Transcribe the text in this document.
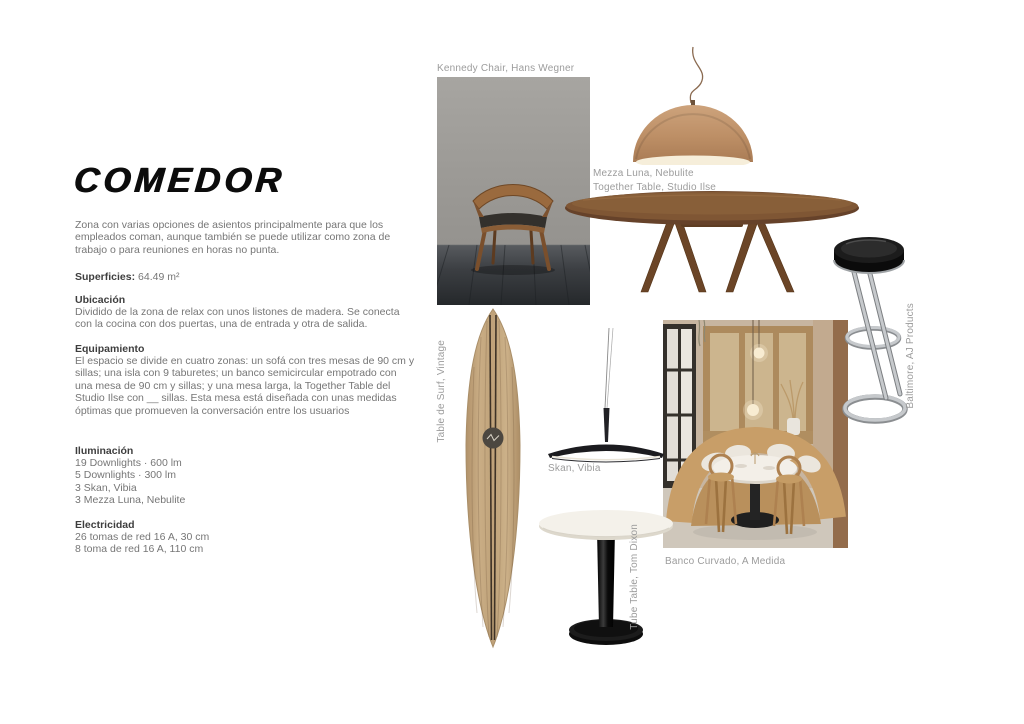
COMEDOR
Zona con varias opciones de asientos principalmente para que los empleados coman, aunque también se puede utilizar como zona de trabajo o para reuniones en horas no punta.
Superficies: 64.49 m²
Ubicación
Dividido de la zona de relax con unos listones de madera. Se conecta con la cocina con dos puertas, una de entrada y otra de salida.
Equipamiento
El espacio se divide en cuatro zonas: un sofá con tres mesas de 90 cm y sillas; una isla con 9 taburetes; un banco semicircular empotrado con una mesa de 90 cm y sillas; y una mesa larga, la Together Table del Studio Ilse con __ sillas. Esta mesa está diseñada con unas medidas óptimas que promueven la conversación entre los usuarios
Iluminación
19 Downlights · 600 lm
5 Downlights · 300 lm
3 Skan, Vibia
3 Mezza Luna, Nebulite
Electricidad
26 tomas de red 16 A, 30 cm
8 toma de red 16 A, 110 cm
Kennedy Chair, Hans Wegner
Mezza Luna, Nebulite
Together Table, Studio Ilse
Baltimore, AJ Products
Table de Surf, Vintage
Skan, Vibia
Banco Curvado, A Medida
Tube Table, Tom Dixon
